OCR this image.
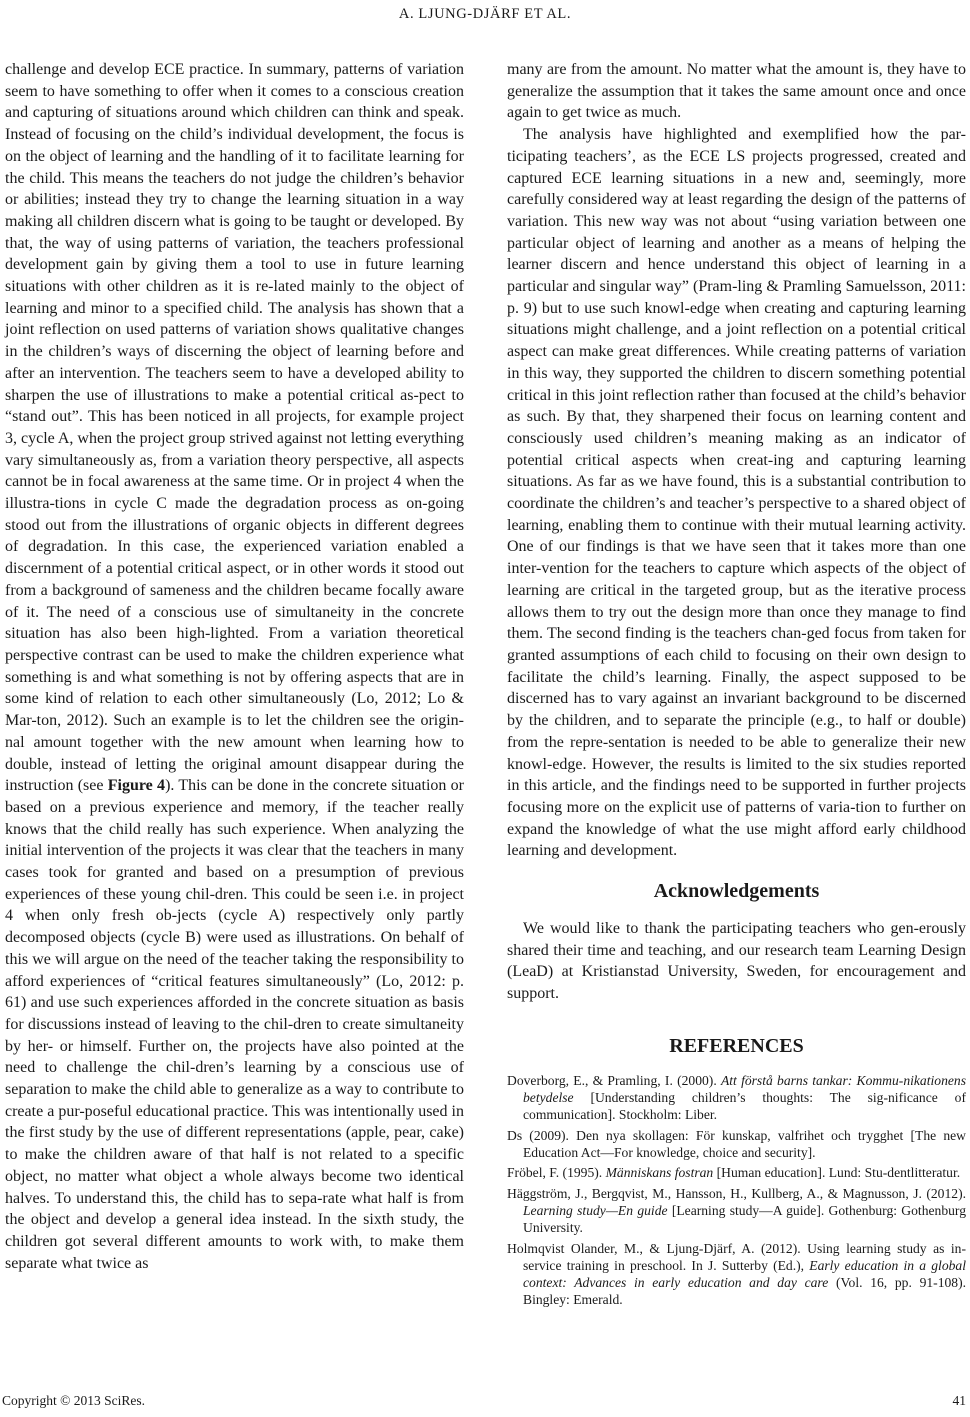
A. LJUNG-DJÄRF ET AL.

challenge and develop ECE practice. In summary, patterns of variation seem to have something to offer when it comes to a conscious creation and capturing of situations around which children can think and speak. Instead of focusing on the child’s individual development, the focus is on the object of learning and the handling of it to facilitate learning for the child. This means the teachers do not judge the children’s behavior or abilities; instead they try to change the learning situation in a way making all children discern what is going to be taught or developed. By that, the way of using patterns of variation, the teachers professional development gain by giving them a tool to use in future learning situations with other children as it is re-lated mainly to the object of learning and minor to a specified child. The analysis has shown that a joint reflection on used patterns of variation shows qualitative changes in the children’s ways of discerning the object of learning before and after an intervention. The teachers seem to have a developed ability to sharpen the use of illustrations to make a potential critical as-pect to “stand out”. This has been noticed in all projects, for example project 3, cycle A, when the project group strived against not letting everything vary simultaneously as, from a variation theory perspective, all aspects cannot be in focal awareness at the same time. Or in project 4 when the illustra-tions in cycle C made the degradation process as on-going stood out from the illustrations of organic objects in different degrees of degradation. In this case, the experienced variation enabled a discernment of a potential critical aspect, or in other words it stood out from a background of sameness and the children became focally aware of it. The need of a conscious use of simultaneity in the concrete situation has also been high-lighted. From a variation theoretical perspective contrast can be used to make the children experience what something is and what something is not by offering aspects that are in some kind of relation to each other simultaneously (Lo, 2012; Lo & Mar-ton, 2012). Such an example is to let the children see the origin-nal amount together with the new amount when learning how to double, instead of letting the original amount disappear during the instruction (see Figure 4). This can be done in the concrete situation or based on a previous experience and memory, if the teacher really knows that the child really has such experience. When analyzing the initial intervention of the projects it was clear that the teachers in many cases took for granted and based on a presumption of previous experiences of these young chil-dren. This could be seen i.e. in project 4 when only fresh ob-jects (cycle A) respectively only partly decomposed objects (cycle B) were used as illustrations. On behalf of this we will argue on the need of the teacher taking the responsibility to afford experiences of “critical features simultaneously” (Lo, 2012: p. 61) and use such experiences afforded in the concrete situation as basis for discussions instead of leaving to the chil-dren to create simultaneity by her- or himself. Further on, the projects have also pointed at the need to challenge the chil-dren’s learning by a conscious use of separation to make the child able to generalize as a way to contribute to create a pur-poseful educational practice. This was intentionally used in the first study by the use of different representations (apple, pear, cake) to make the children aware of that half is not related to a specific object, no matter what object a whole always become two identical halves. To understand this, the child has to sepa-rate what half is from the object and develop a general idea instead. In the sixth study, the children got several different amounts to work with, to make them separate what twice as

many are from the amount. No matter what the amount is, they have to generalize the assumption that it takes the same amount once and once again to get twice as much.

The analysis have highlighted and exemplified how the par-ticipating teachers’, as the ECE LS projects progressed, created and captured ECE learning situations in a new and, seemingly, more carefully considered way at least regarding the design of the patterns of variation. This new way was not about “using variation between one particular object of learning and another as a means of helping the learner discern and hence understand this object of learning in a particular and singular way” (Pram-ling & Pramling Samuelsson, 2011: p. 9) but to use such knowl-edge when creating and capturing learning situations might challenge, and a joint reflection on a potential critical aspect can make great differences. While creating patterns of variation in this way, they supported the children to discern something potential critical in this joint reflection rather than focused at the child’s behavior as such. By that, they sharpened their focus on learning content and consciously used children’s meaning making as an indicator of potential critical aspects when creat-ing and capturing learning situations. As far as we have found, this is a substantial contribution to coordinate the children’s and teacher’s perspective to a shared object of learning, enabling them to continue with their mutual learning activity. One of our findings is that we have seen that it takes more than one inter-vention for the teachers to capture which aspects of the object of learning are critical in the targeted group, but as the iterative process allows them to try out the design more than once they manage to find them. The second finding is the teachers chan-ged focus from taken for granted assumptions of each child to focusing on their own design to facilitate the child’s learning. Finally, the aspect supposed to be discerned has to vary against an invariant background to be discerned by the children, and to separate the principle (e.g., to half or double) from the repre-sentation is needed to be able to generalize their new knowl-edge. However, the results is limited to the six studies reported in this article, and the findings need to be supported in further projects focusing more on the explicit use of patterns of varia-tion to further on expand the knowledge of what the use might afford early childhood learning and development.

Acknowledgements

We would like to thank the participating teachers who gen-erously shared their time and teaching, and our research team Learning Design (LeaD) at Kristianstad University, Sweden, for encouragement and support.

REFERENCES
Doverborg, E., & Pramling, I. (2000). Att förstå barns tankar: Kommu-nikationens betydelse [Understanding children’s thoughts: The sig-nificance of communication]. Stockholm: Liber.
Ds (2009). Den nya skollagen: För kunskap, valfrihet och trygghet [The new Education Act—For knowledge, choice and security].
Fröbel, F. (1995). Människans fostran [Human education]. Lund: Stu-dentlitteratur.
Häggström, J., Bergqvist, M., Hansson, H., Kullberg, A., & Magnusson, J. (2012). Learning study—En guide [Learning study—A guide]. Gothenburg: Gothenburg University.
Holmqvist Olander, M., & Ljung-Djärf, A. (2012). Using learning study as in-service training in preschool. In J. Sutterby (Ed.), Early education in a global context: Advances in early education and day care (Vol. 16, pp. 91-108). Bingley: Emerald.
Copyright © 2013 SciRes.	41
